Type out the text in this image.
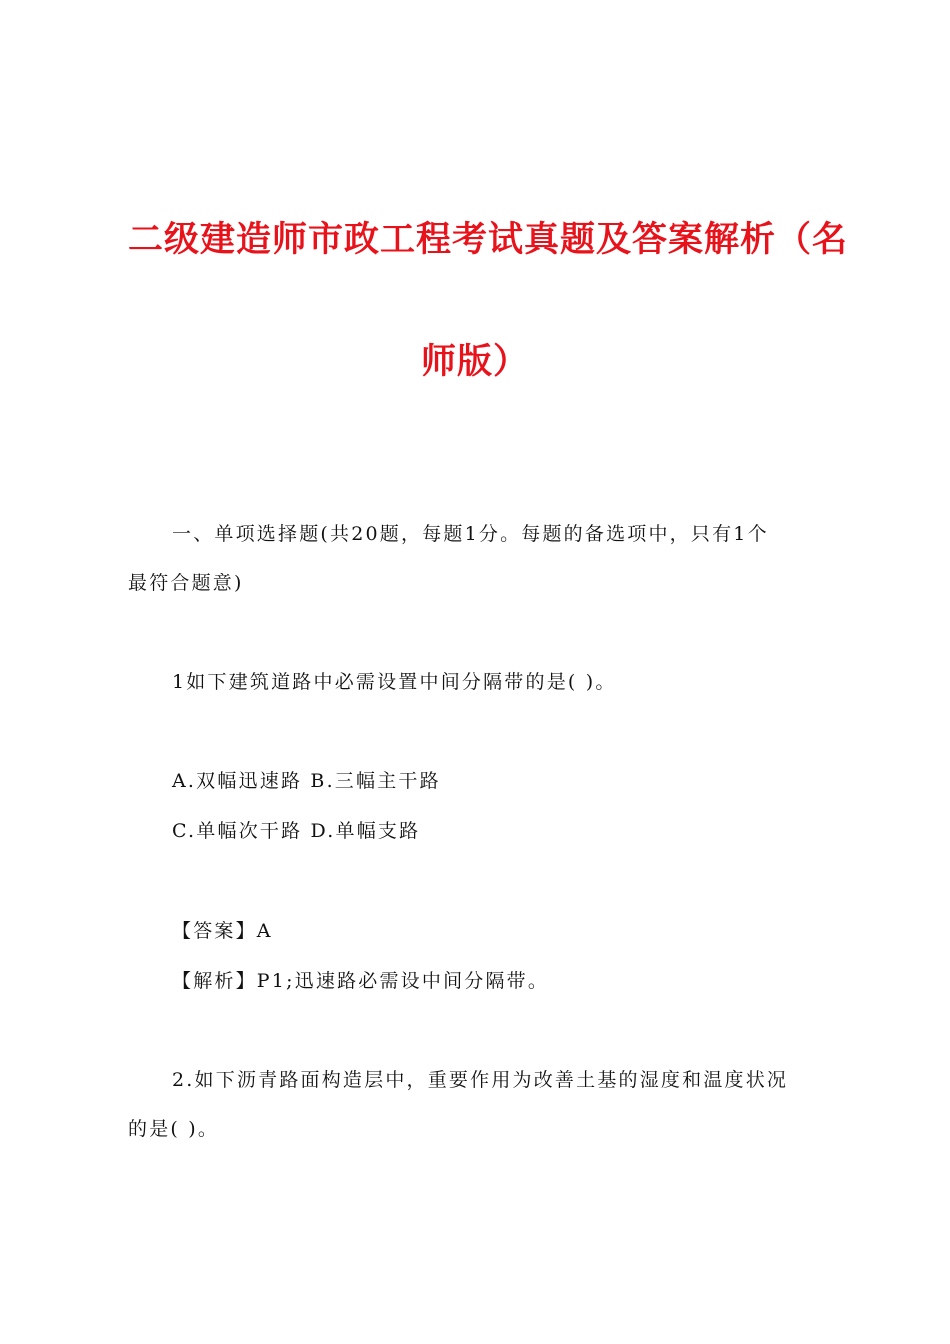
二级建造师市政工程考试真题及答案解析（名
师版）
一、单项选择题(共20题，每题1分。每题的备选项中，只有1个
最符合题意)
1如下建筑道路中必需设置中间分隔带的是( )。
A.双幅迅速路 B.三幅主干路
C.单幅次干路 D.单幅支路
【答案】A
【解析】P1;迅速路必需设中间分隔带。
2.如下沥青路面构造层中，重要作用为改善土基的湿度和温度状况
的是( )。
